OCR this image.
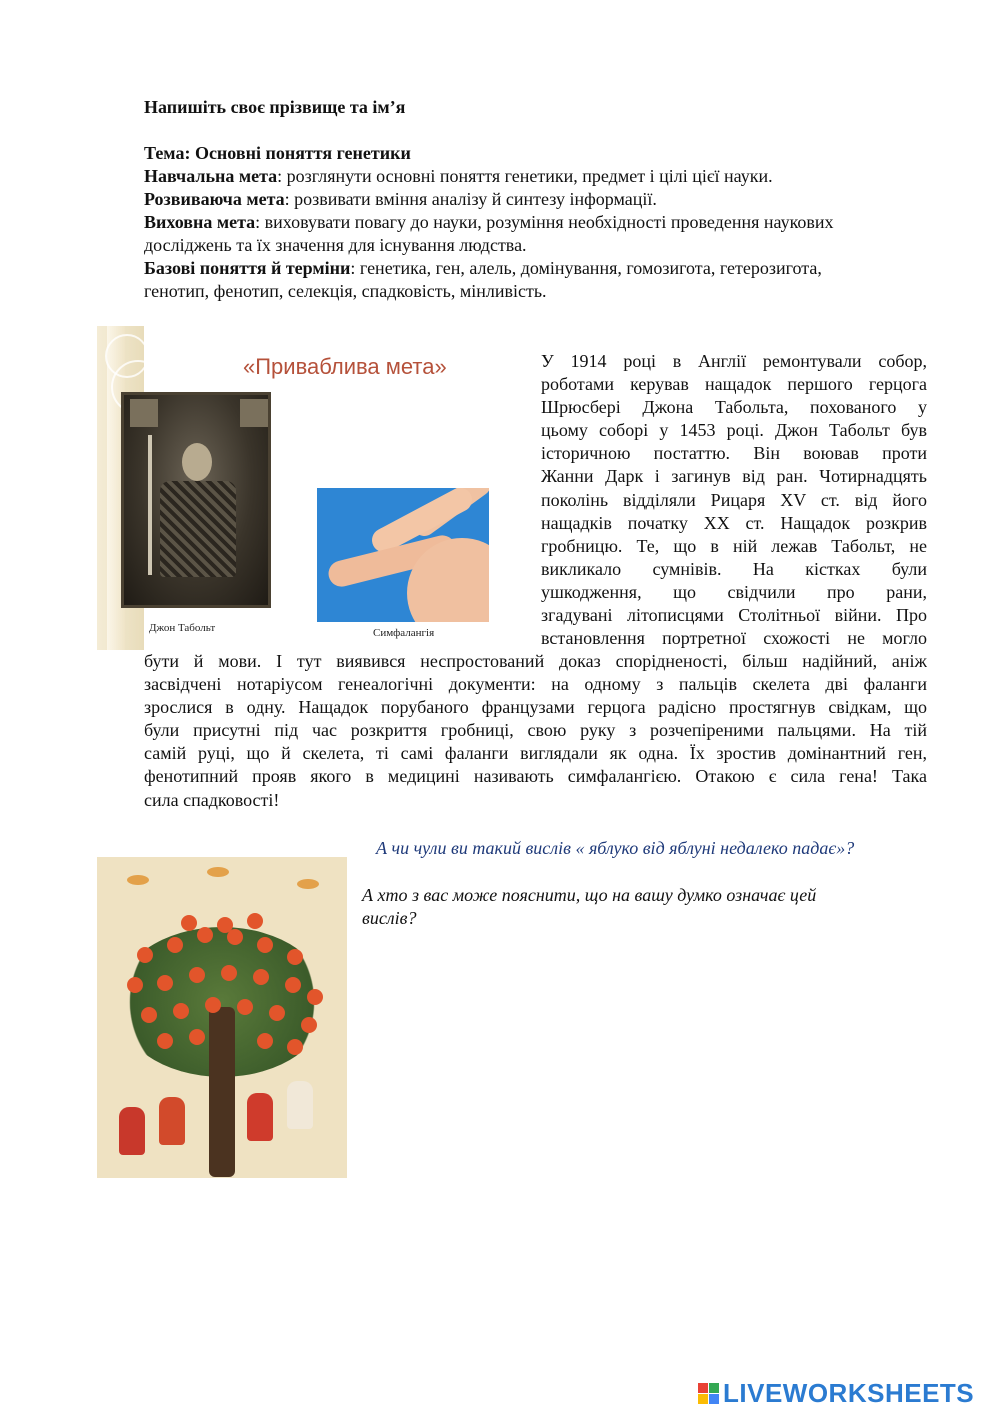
Напишіть своє прізвище та ім’я
Тема: Основні поняття генетики
Навчальна мета: розглянути основні поняття генетики, предмет і цілі цієї науки.
Розвиваюча мета: розвивати вміння аналізу й синтезу інформації.
Виховна мета: виховувати повагу до науки, розуміння необхідності проведення наукових
досліджень та їх значення для існування людства.
Базові поняття й терміни: генетика, ген, алель, домінування, гомозигота, гетерозигота,
генотип, фенотип, селекція, спадковість, мінливість.
«Приваблива мета»
Джон Табольт	Симфалангія
У 1914 році в Англії ремонтували собор,
роботами керував нащадок першого герцога
Шрюсбері Джона Табольта, похованого у
цьому соборі у 1453 році. Джон Табольт був
історичною постаттю. Він воював проти
Жанни Дарк і загинув від ран. Чотирнадцять
поколінь відділяли Рицаря XV ст. від його
нащадків початку XX ст. Нащадок розкрив
гробницю. Те, що в ній лежав Табольт, не
викликало сумнівів. На кістках були
ушкодження, що свідчили про рани,
згадувані літописцями Столітньої війни. Про
встановлення портретної схожості не могло
бути й мови. І тут виявився неспростований доказ спорідненості, більш надійний, аніж
засвідчені нотаріусом генеалогічні документи: на одному з пальців скелета дві фаланги
зрослися в одну. Нащадок порубаного французами герцога радісно простягнув свідкам, що
були присутні під час розкриття гробниці, свою руку з розчепіреними пальцями. На тій
самій руці, що й скелета, ті самі фаланги виглядали як одна. Їх зростив домінантний ген,
фенотипний прояв якого в медицині називають симфалангією. Отакою є сила гена! Така
сила спадковості!
А чи чули ви такий вислів « яблуко від яблуні недалеко падає»?
А хто з вас може пояснити, що на вашу думко означає цей
вислів?
LIVEWORKSHEETS
